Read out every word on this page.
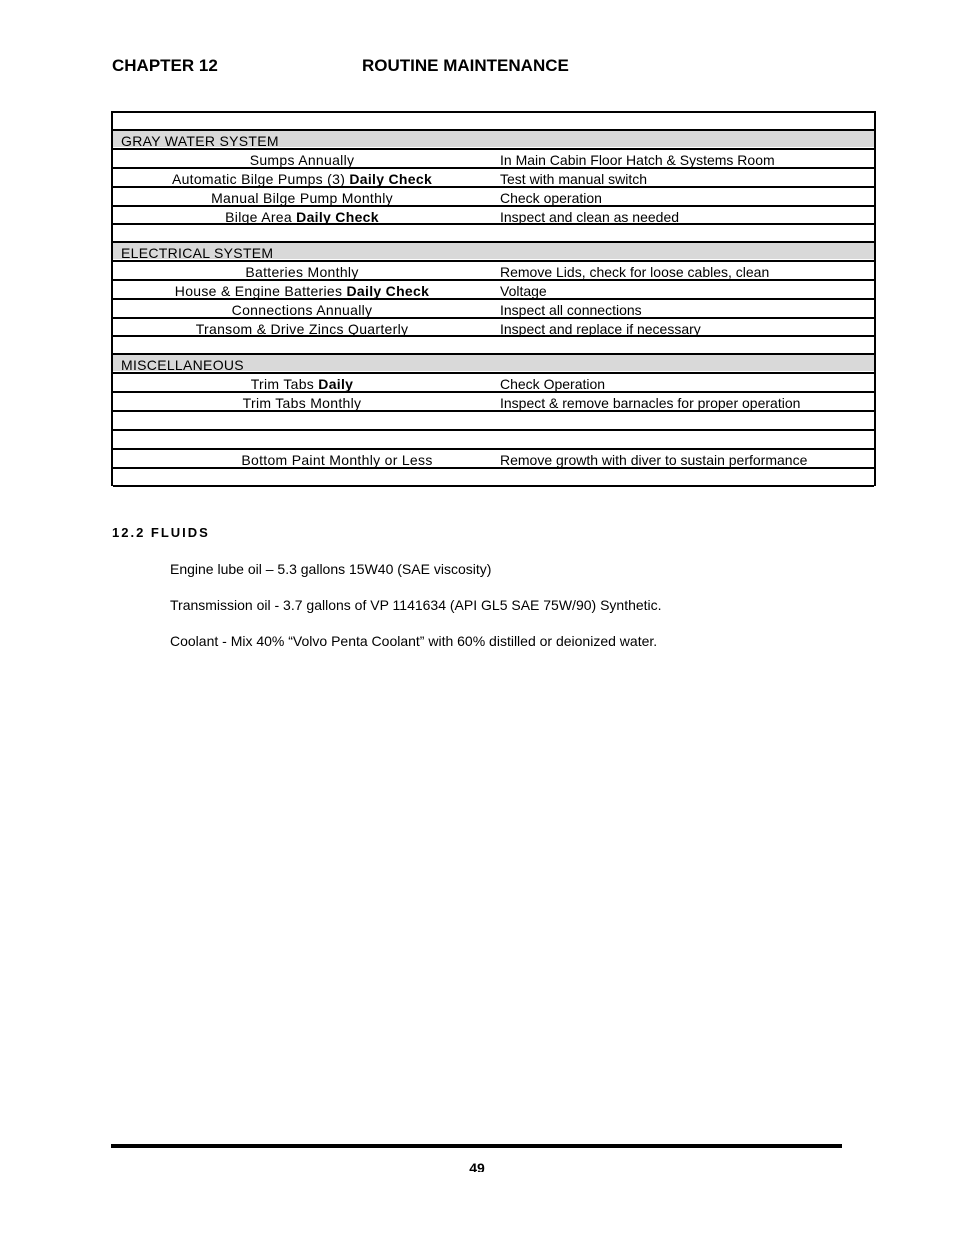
CHAPTER 12	ROUTINE MAINTENANCE
GRAY WATER SYSTEM
Sumps Annually	In Main Cabin Floor Hatch & Systems Room
Automatic Bilge Pumps (3) Daily Check	Test with manual switch
Manual Bilge Pump Monthly	Check operation
Bilge Area Daily Check	Inspect and clean as needed
ELECTRICAL SYSTEM
Batteries Monthly	Remove Lids, check for loose cables, clean
House & Engine Batteries Daily Check	Voltage
Connections Annually	Inspect all connections
Transom & Drive Zincs Quarterly	Inspect and replace if necessary
MISCELLANEOUS
Trim Tabs Daily	Check Operation
Trim Tabs Monthly	Inspect & remove barnacles for proper operation
Bottom Paint Monthly or Less	Remove growth with diver to sustain performance
12.2 FLUIDS
Engine lube oil – 5.3 gallons 15W40 (SAE viscosity)
Transmission oil - 3.7 gallons of VP 1141634 (API GL5 SAE 75W/90) Synthetic.
Coolant - Mix 40% “Volvo Penta Coolant” with 60% distilled or deionized water.
49
